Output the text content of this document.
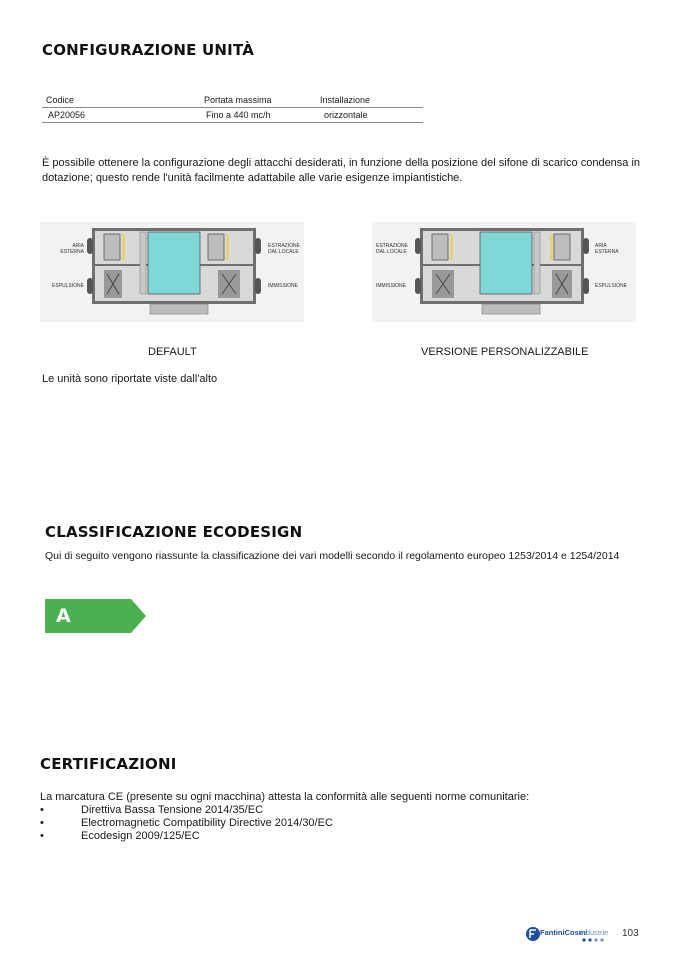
CONFIGURAZIONE UNITÀ
Codice	Portata massima	Installazione
AP20056	Fino a 440 mc/h	orizzontale
È possibile ottenere la configurazione degli attacchi desiderati, in funzione della posizione del sifone di scarico condensa in dotazione; questo rende l'unità facilmente adattabile alle varie esigenze impiantistiche.
ARIA
ESTERNA
ESPULSIONE
ESTRAZIONE
DAL LOCALE
IMMISSIONE
DEFAULT
ESTRAZIONE
DAL LOCALE
IMMISSIONE
ARIA
ESTERNA
ESPULSIONE
VERSIONE PERSONALIZZABILE
Le unità sono riportate viste dall'alto
CLASSIFICAZIONE ECODESIGN
Qui di seguito vengono riassunte la classificazione dei vari modelli secondo il regolamento europeo 1253/2014 e 1254/2014
A
CERTIFICAZIONI
La marcatura CE (presente su ogni macchina) attesta la conformità alle seguenti norme comunitarie:
•	Direttiva Bassa Tensione 2014/35/EC
•	Electromagnetic Compatibility Directive 2014/30/EC
•	Ecodesign 2009/125/EC
FantiniCosmi
industrie 103
